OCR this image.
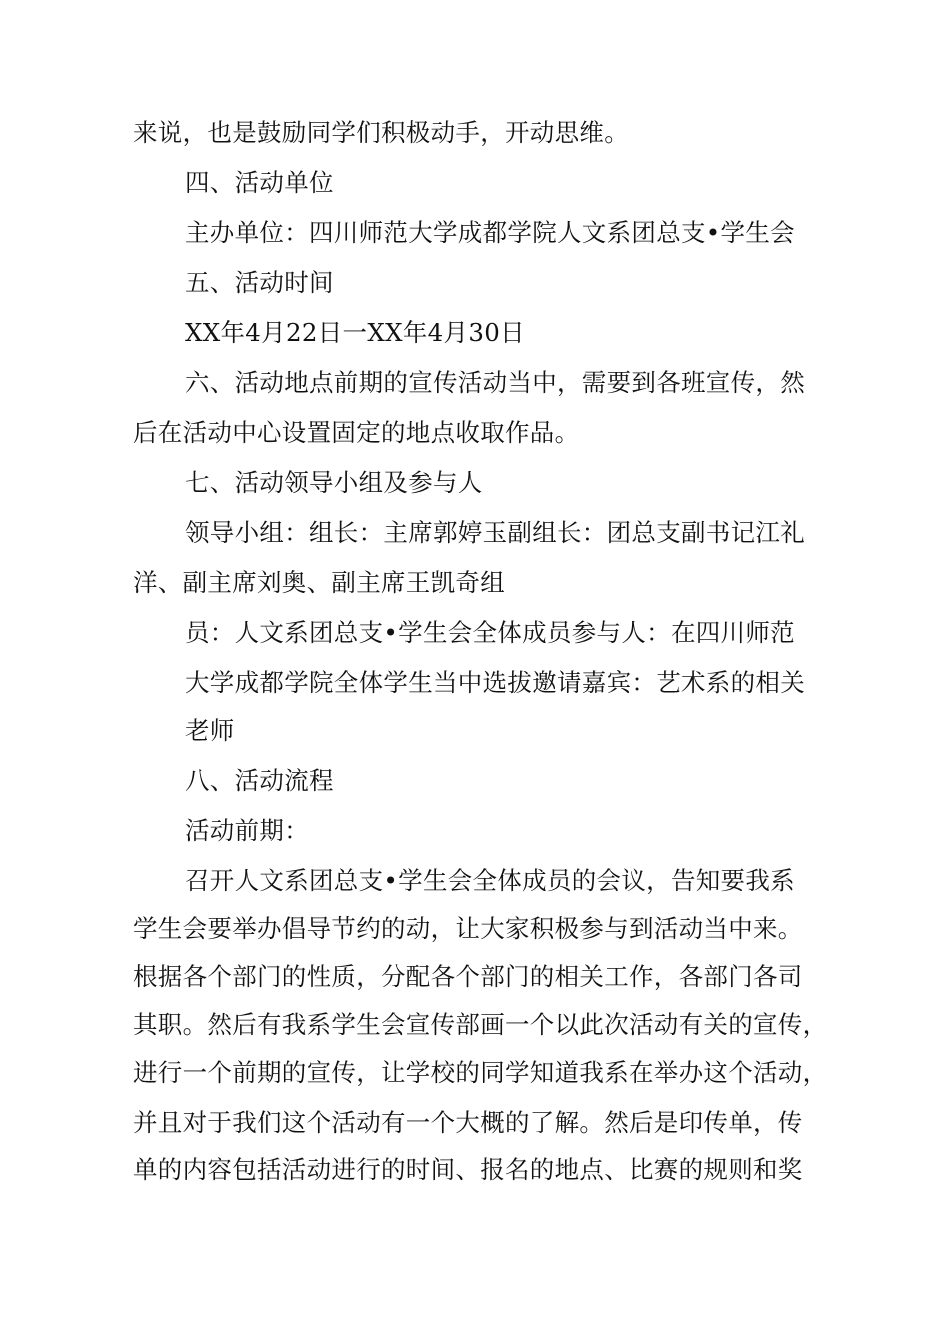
来说，也是鼓励同学们积极动手，开动思维。

四、活动单位

主办单位：四川师范大学成都学院人文系团总支•学生会

五、活动时间

XX年4月22日一XX年4月30日

六、活动地点前期的宣传活动当中，需要到各班宣传，然

后在活动中心设置固定的地点收取作品。

七、活动领导小组及参与人

领导小组：组长：主席郭婷玉副组长：团总支副书记江礼

洋、副主席刘奥、副主席王凯奇组

员：人文系团总支•学生会全体成员参与人：在四川师范

大学成都学院全体学生当中选拔邀请嘉宾：艺术系的相关

老师

八、活动流程

活动前期：

召开人文系团总支•学生会全体成员的会议，告知要我系

学生会要举办倡导节约的动，让大家积极参与到活动当中来。

根据各个部门的性质，分配各个部门的相关工作，各部门各司

其职。然后有我系学生会宣传部画一个以此次活动有关的宣传，

进行一个前期的宣传，让学校的同学知道我系在举办这个活动，

并且对于我们这个活动有一个大概的了解。然后是印传单，传

单的内容包括活动进行的时间、报名的地点、比赛的规则和奖
